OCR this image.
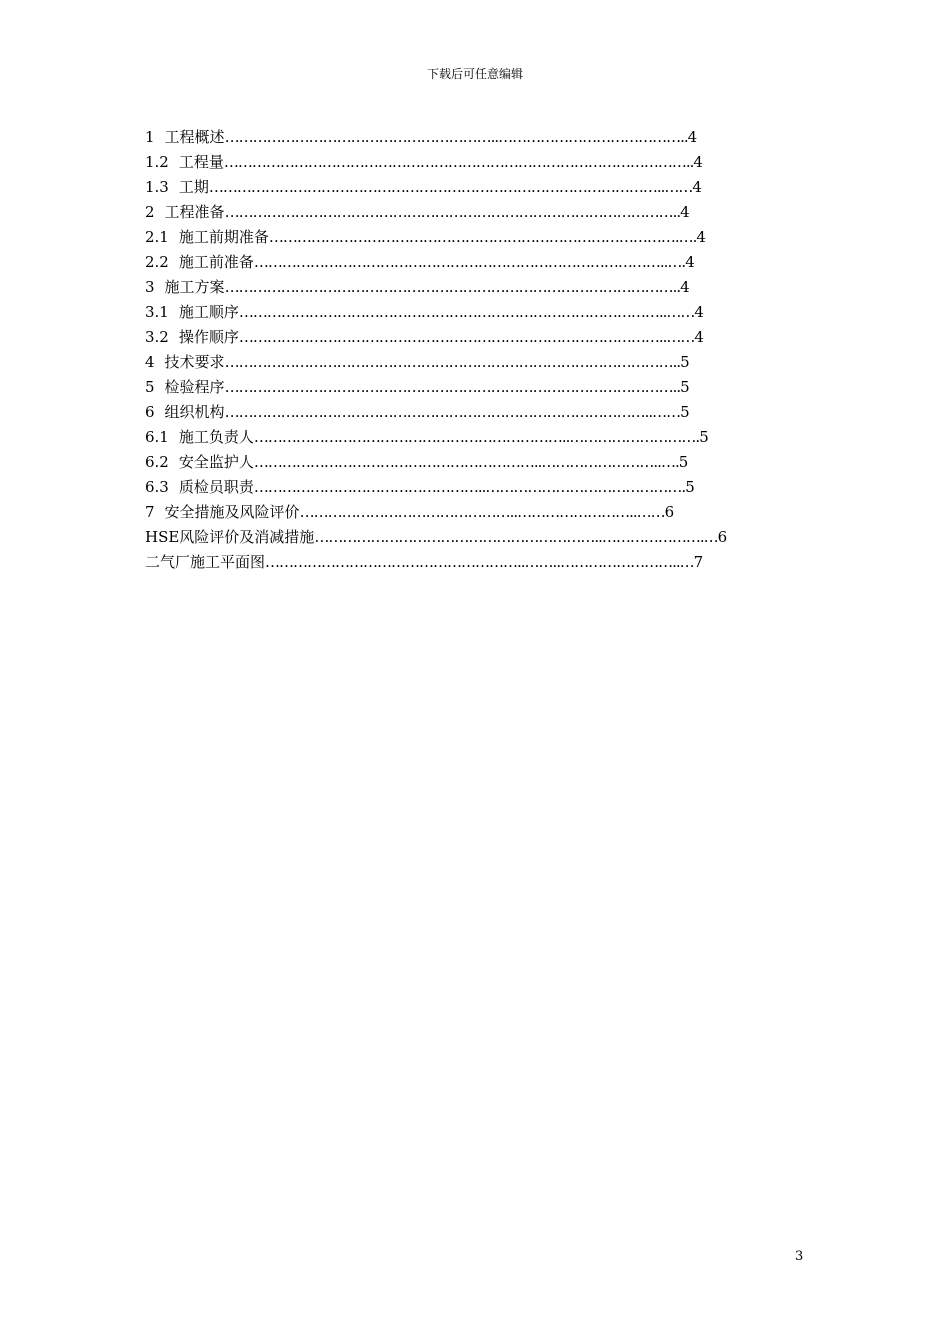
下载后可任意编辑
1 工程概述…………………………………………………..…………………………………..4
1.2 工程量………………………………………………………………………………………..4
1.3 工期……………………………………………………………………………………..……4
2 工程准备……………………………………………………………………………………..4
2.1 施工前期准备…………………………………………………………………………….….4
2.2 施工前准备……………………………………………………………………………..….4
3 施工方案……………………………………………………………………………………..4
3.1 施工顺序………………………………………………………………………………..……4
3.2 操作顺序………………………………………………………………………………..……4
4 技术要求……………………………………………………………………………………..5
5 检验程序……………………………………………………………………………………..5
6 组织机构………………………………………………………………………………..……5
6.1 施工负责人…………………………………………………………..……………………….5
6.2 安全监护人……………………………………………………..……………………..….5
6.3 质检员职责…………………………………………..…………………………………….5
7 安全措施及风险评价………………………………………..……………………..……6
HSE风险评价及消减措施……………………………………………………..………………….…6
二气厂施工平面图………………………………………………..……..……………………..…7
3
